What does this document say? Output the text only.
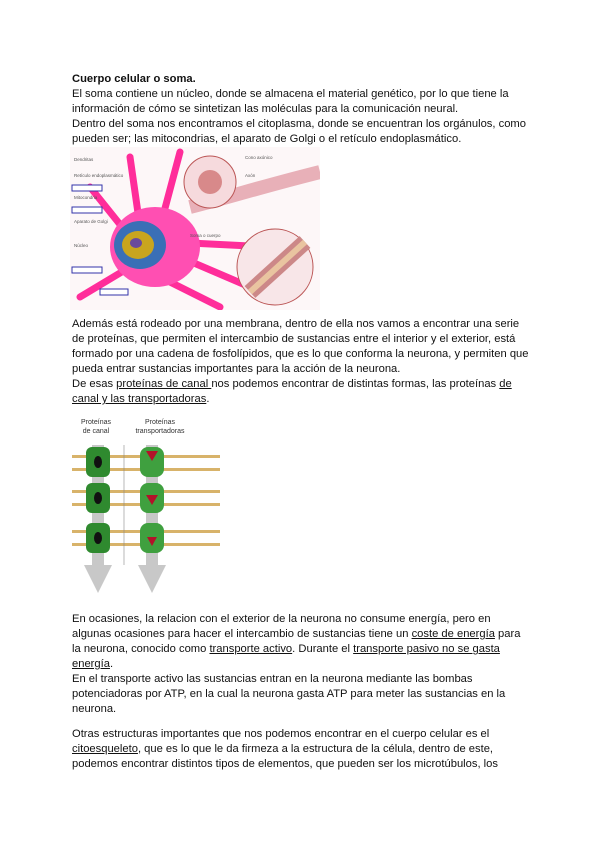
Cuerpo celular o soma.

El soma contiene un núcleo, donde se almacena el material genético, por lo que tiene la información de cómo se sintetizan las moléculas para la comunicación neural.

Dentro del soma nos encontramos el citoplasma, donde se encuentran los orgánulos, como pueden ser; las mitocondrias, el aparato de Golgi o el retículo endoplasmático.

Dendritas
Retículo endoplasmático
Mitocondria
Núcleo
Aparato de Golgi
Axón
Cono axónico
Soma o cuerpo

Además está rodeado por una membrana, dentro de ella nos vamos a encontrar una serie de proteínas, que permiten el intercambio de sustancias entre el interior y el exterior, está formado por una cadena de fosfolípidos, que es lo que conforma la neurona, y permiten que pueda entrar sustancias importantes para la acción de la neurona.

De esas proteínas de canal nos podemos encontrar de distintas formas, las proteínas de canal y las transportadoras.

Proteínas
de canal
Proteínas
transportadoras

En ocasiones, la relacion con el exterior de la neurona no consume energía, pero en algunas ocasiones para hacer el intercambio de sustancias tiene un coste de energía para la neurona, conocido como transporte activo. Durante el transporte pasivo no se gasta energía.

En el transporte activo las sustancias entran en la neurona mediante las bombas potenciadoras por ATP, en la cual la neurona gasta ATP para meter las sustancias en la neurona.

Otras estructuras importantes que nos podemos encontrar en el cuerpo celular es el citoesqueleto, que es lo que le da firmeza a la estructura de la célula, dentro de este, podemos encontrar distintos tipos de elementos, que pueden ser los microtúbulos, los
